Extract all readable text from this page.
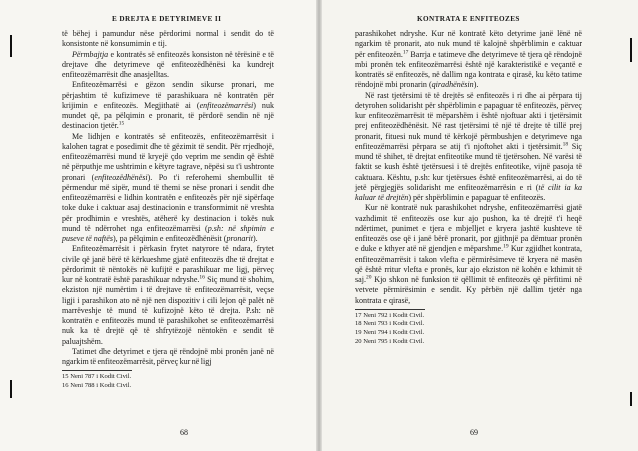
E DREJTA E DETYRIMEVE II

të bëhej i pamundur nëse përdorimi normal i sendit do të konsistonte në konsumimin e tij.

Përmbajtja e kontratës së enfiteozës konsiston në tërësinë e të drejtave dhe detyrimeve që enfiteozëdhënësi ka kundrejt enfiteozëmarrësit dhe anasjelltas.

Enfiteozëmarrësi e gëzon sendin sikurse pronari, me përjashtim të kufizimeve të parashikuara në kontratën për krijimin e enfiteozës. Megjithatë ai (enfiteozëmarrësi) nuk mundet që, pa pëlqimin e pronarit, të përdorë sendin në një destinacion tjetër.$^{15}$

Me lidhjen e kontratës së enfiteozës, enfiteozëmarrësit i kalohen tagrat e posedimit dhe të gëzimit të sendit. Për rrjedhojë, enfiteozëmarrësi mund të kryejë çdo veprim me sendin që është në përputhje me ushtrimin e këtyre tagrave, nëpësi su t'i ushtronte pronari (enfiteozëdhënësi). Po t'i referohemi shembullit të përmendur më sipër, mund të themi se nëse pronari i sendit dhe enfiteozëmarrësi e lidhin kontratën e enfiteozës për një sipërfaqe toke duke i caktuar asaj destinacionin e transformimit në vreshta për prodhimin e vreshtës, atëherë ky destinacion i tokës nuk mund të ndërrohet nga enfiteozëmarrësi (p.sh: në shpimin e puseve të naftës), pa pëlqimin e enfiteozëdhënësit (pronarit).

Enfiteozëmarrësit i përkasin frytet natyrore të ndara, frytet civile që janë bërë të kërkueshme gjatë enfiteozës dhe të drejtat e përdorimit të nëntokës në kufijtë e parashikuar me ligj, përveç kur në kontratë është parashikuar ndryshe.$^{16}$ Siç mund të shohim, ekziston një numërtim i të drejtave të enfiteozëmarrësit, veçse ligji i parashikon ato në një nen dispozitiv i cili lejon që palët në marrëveshje të mund të kufizojnë këto të drejta. P.sh: në kontratën e enfiteozës mund të parashikohet se enfiteozëmarrësi nuk ka të drejtë që të shfrytëzojë nëntokën e sendit të paluajtshëm.

Tatimet dhe detyrimet e tjera që rëndojnë mbi pronën janë në ngarkim të enfiteozëmarrësit, përveç kur në ligj

15 Neni 787 i Kodit Civil.
16 Neni 788 i Kodit Civil.
68
KONTRATA E ENFITEOZES

parashikohet ndryshe. Kur në kontratë këto detyrime janë lënë në ngarkim të pronarit, ato nuk mund të kalojnë shpërblimin e caktuar për enfiteozën.$^{17}$ Barrja e tatimeve dhe detyrimeve të tjera që rëndojnë mbi pronën tek enfiteozëmarrësi është një karakteristikë e veçantë e kontratës së enfiteozës, në dallim nga kontrata e qirasë, ku këto tatime rëndojnë mbi pronarin (qiradhënësin).

Në rast tjetërsimi të të drejtës së enfiteozës i ri dhe ai përpara tij detyrohen solidarisht për shpërblimin e papaguar të enfiteozës, përveç kur enfiteozëmarrësit të mëparshëm i është njoftuar akti i tjetërsimit prej enfiteozëdhënësit. Në rast tjetërsimi të një të drejte të tillë prej pronarit, fituesi nuk mund të kërkojë përmbushjen e detyrimeve nga enfiteozëmarrësi përpara se atij t'i njoftohet akti i tjetërsimit.$^{18}$ Siç mund të shihet, të drejtat enfiteotike mund të tjetërsohen. Në varësi të faktit se kush është tjetërsuesi i të drejtës enfiteotike, vijnë pasoja të caktuara. Kështu, p.sh: kur tjetërsues është enfiteozëmarrësi, ai do të jetë përgjegjës solidarisht me enfiteozëmarrësin e ri (të cilit ia ka kaluar të drejtën) për shpërblimin e papaguar të enfiteozës.

Kur në kontratë nuk parashikohet ndryshe, enfiteozëmarrësi gjatë vazhdimit të enfiteozës ose kur ajo pushon, ka të drejtë t'i heqë ndërtimet, punimet e tjera e mbjelljet e kryera jashtë kushteve të enfiteozës ose që i janë bërë pronarit, por gjithnjë pa dëmtuar pronën e duke e kthyer atë në gjendjen e mëparshme.$^{19}$ Kur zgjidhet kontrata, enfiteozëmarrësit i takon vlefta e përmirësimeve të kryera në masën që është rritur vlefta e pronës, kur ajo ekziston në kohën e kthimit të saj.$^{20}$ Kjo shkon në funksion të qëllimit të enfiteozës që përfitimi në vetvete përmirësimin e sendit. Ky përbën një dallim tjetër nga kontrata e qirasë,

17 Neni 792 i Kodit Civil.
18 Neni 793 i Kodit Civil.
19 Neni 794 i Kodit Civil.
20 Neni 795 i Kodit Civil.
69
